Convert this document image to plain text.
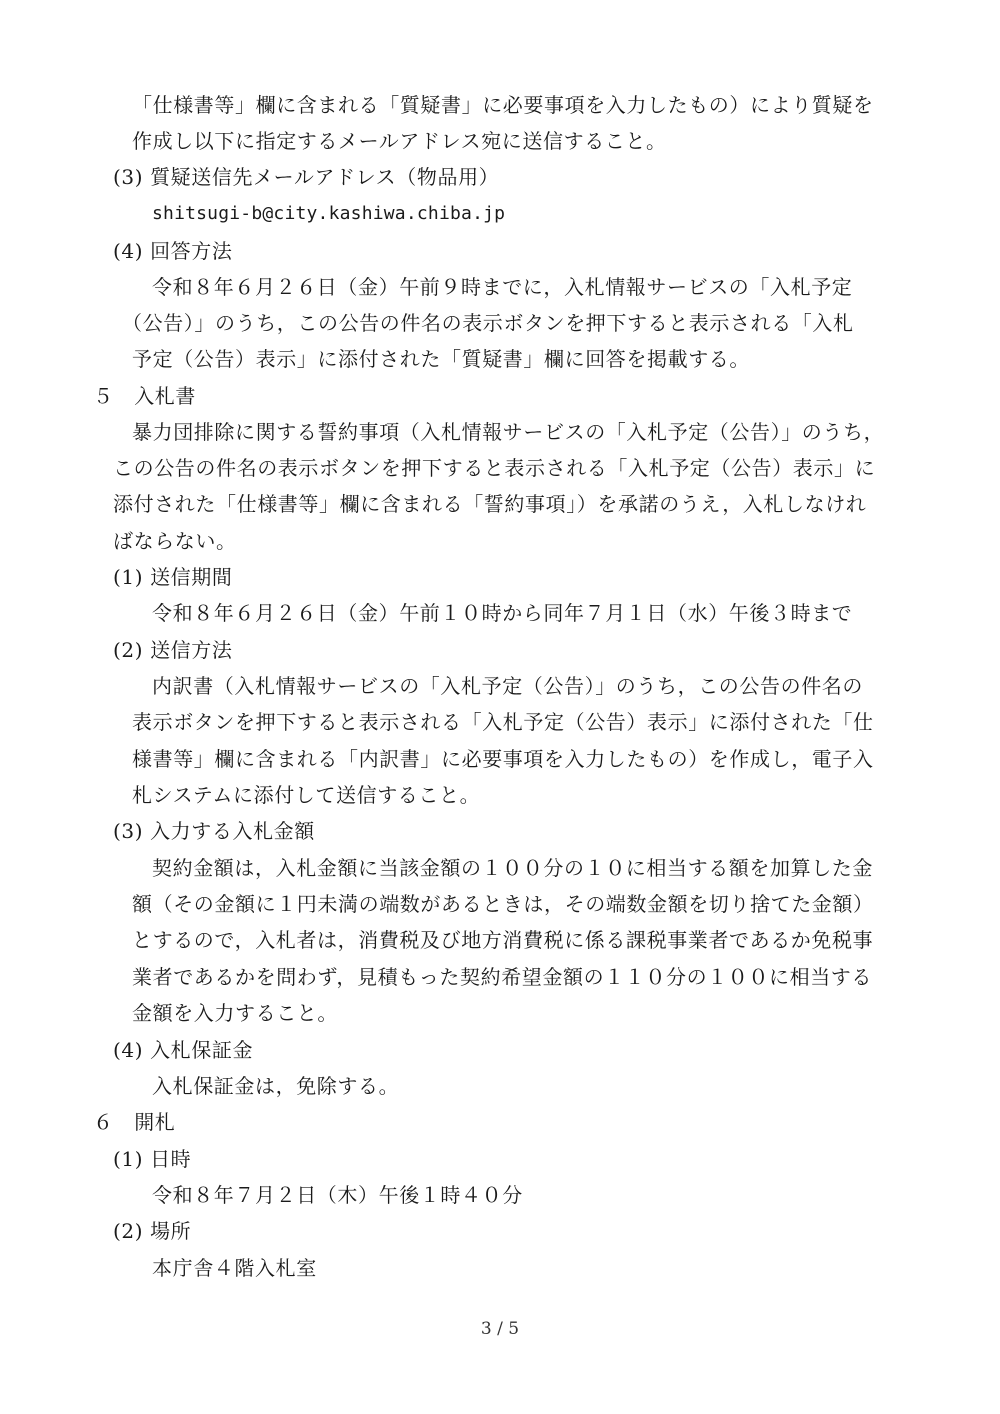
「仕様書等」欄に含まれる「質疑書」に必要事項を入力したもの）により質疑を
作成し以下に指定するメールアドレス宛に送信すること。
(3) 質疑送信先メールアドレス（物品用）
shitsugi-b@city.kashiwa.chiba.jp
(4) 回答方法
令和８年６月２６日（金）午前９時までに，入札情報サービスの「入札予定
（公告）」のうち，この公告の件名の表示ボタンを押下すると表示される「入札
予定（公告）表示」に添付された「質疑書」欄に回答を掲載する。
５　入札書
暴力団排除に関する誓約事項（入札情報サービスの「入札予定（公告）」のうち，
この公告の件名の表示ボタンを押下すると表示される「入札予定（公告）表示」に
添付された「仕様書等」欄に含まれる「誓約事項」）を承諾のうえ，入札しなけれ
ばならない。
(1) 送信期間
令和８年６月２６日（金）午前１０時から同年７月１日（水）午後３時まで
(2) 送信方法
内訳書（入札情報サービスの「入札予定（公告）」のうち，この公告の件名の
表示ボタンを押下すると表示される「入札予定（公告）表示」に添付された「仕
様書等」欄に含まれる「内訳書」に必要事項を入力したもの）を作成し，電子入
札システムに添付して送信すること。
(3) 入力する入札金額
契約金額は，入札金額に当該金額の１００分の１０に相当する額を加算した金
額（その金額に１円未満の端数があるときは，その端数金額を切り捨てた金額）
とするので，入札者は，消費税及び地方消費税に係る課税事業者であるか免税事
業者であるかを問わず，見積もった契約希望金額の１１０分の１００に相当する
金額を入力すること。
(4) 入札保証金
入札保証金は，免除する。
６　開札
(1) 日時
令和８年７月２日（木）午後１時４０分
(2) 場所
本庁舎４階入札室
3 / 5
